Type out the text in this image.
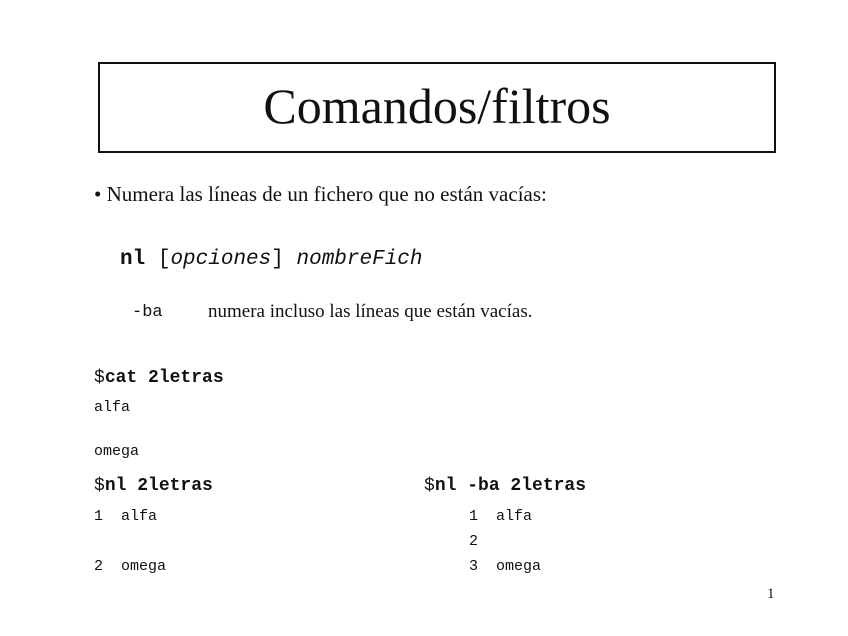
Comandos/filtros
• Numera las líneas de un fichero que no están vacías:
nl [opciones] nombreFich
-ba numera incluso las líneas que están vacías.
$cat 2letras
alfa
omega
$nl 2letras
1 alfa
2 omega
$nl -ba 2letras
1 alfa
2
3 omega
1
